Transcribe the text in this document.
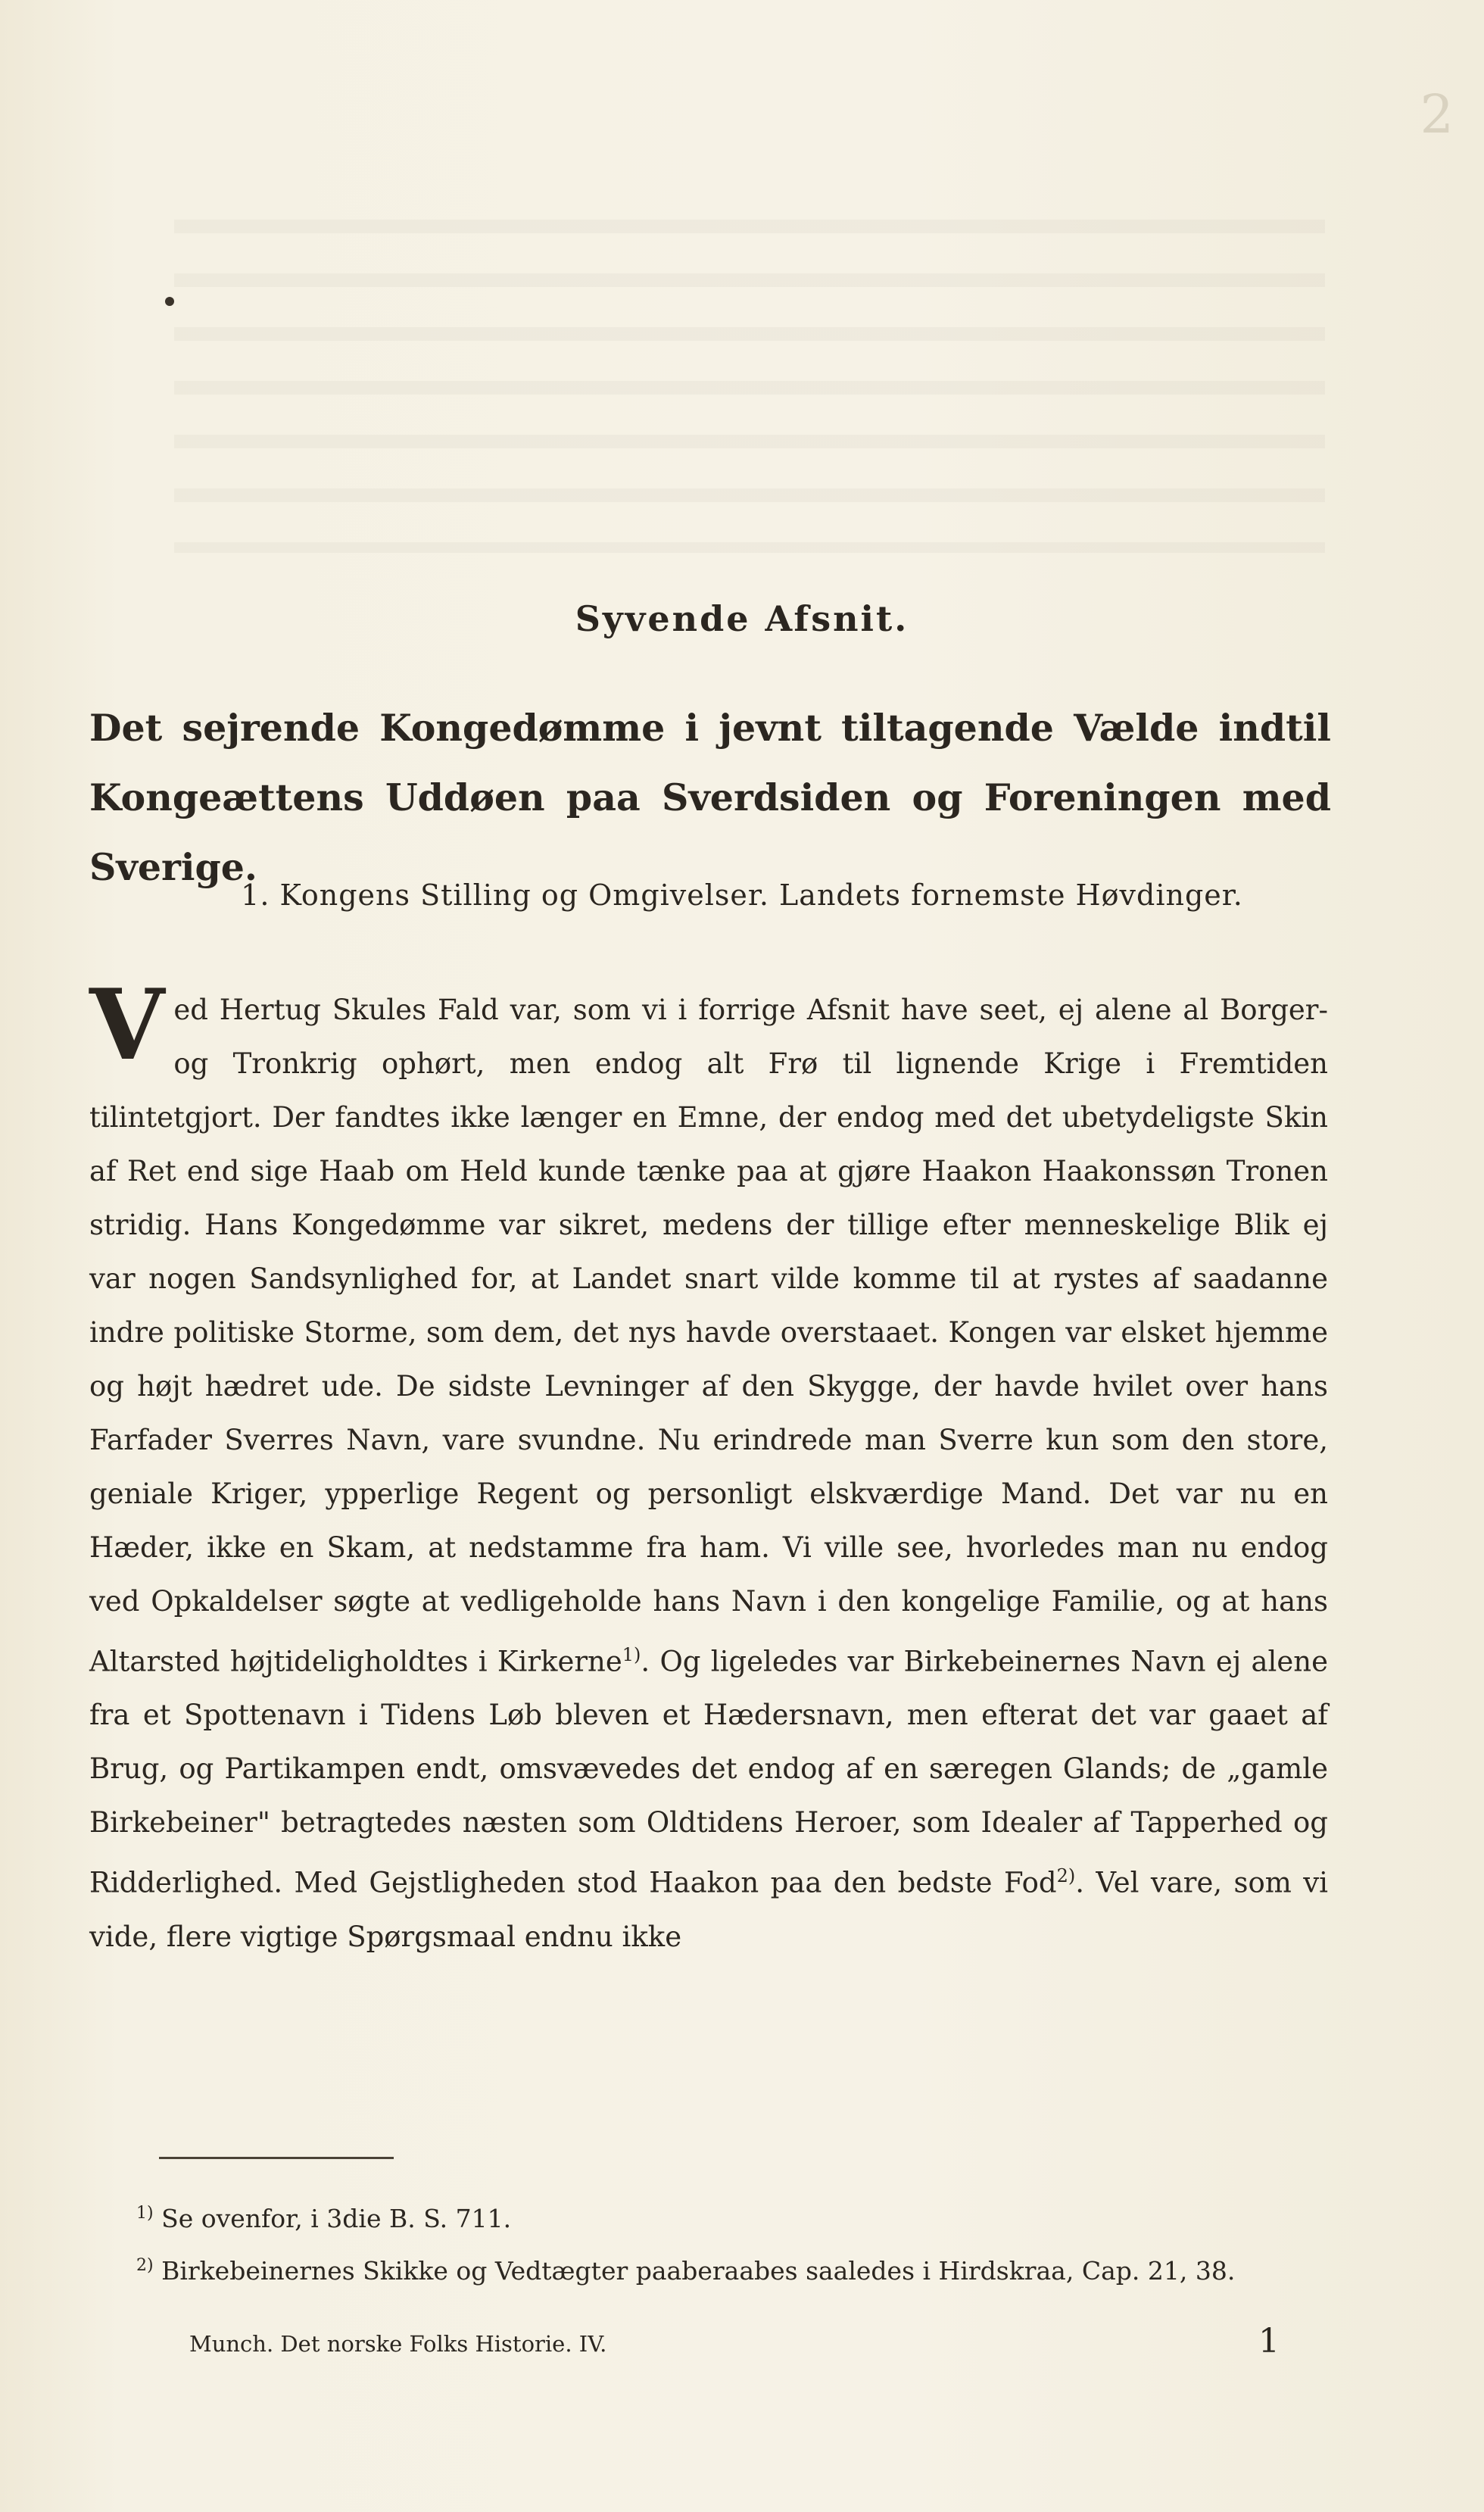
2
Syvende Afsnit.
Det sejrende Kongedømme i jevnt tiltagende Vælde indtil Kongeættens Uddøen paa Sverdsiden og Foreningen med Sverige.
1. Kongens Stilling og Omgivelser. Landets fornemste Høvdinger.

Ved Hertug Skules Fald var, som vi i forrige Afsnit have seet, ej alene al Borger- og Tronkrig ophørt, men endog alt Frø til lignende Krige i Fremtiden tilintetgjort. Der fandtes ikke længer en Emne, der endog med det ubetydeligste Skin af Ret end sige Haab om Held kunde tænke paa at gjøre Haakon Haakonssøn Tronen stridig. Hans Kongedømme var sikret, medens der tillige efter menneskelige Blik ej var nogen Sandsynlighed for, at Landet snart vilde komme til at rystes af saadanne indre politiske Storme, som dem, det nys havde overstaaet. Kongen var elsket hjemme og højt hædret ude. De sidste Levninger af den Skygge, der havde hvilet over hans Farfader Sverres Navn, vare svundne. Nu erindrede man Sverre kun som den store, geniale Kriger, ypperlige Regent og personligt elskværdige Mand. Det var nu en Hæder, ikke en Skam, at nedstamme fra ham. Vi ville see, hvorledes man nu endog ved Opkaldelser søgte at vedligeholde hans Navn i den kongelige Familie, og at hans Altarsted højtideligholdtes i Kirkerne$^{1)}$. Og ligeledes var Birkebeinernes Navn ej alene fra et Spottenavn i Tidens Løb bleven et Hædersnavn, men efterat det var gaaet af Brug, og Partikampen endt, omsvævedes det endog af en særegen Glands; de „gamle Birkebeiner" betragtedes næsten som Oldtidens Heroer, som Idealer af Tapperhed og Ridderlighed. Med Gejstligheden stod Haakon paa den bedste Fod$^{2)}$. Vel vare, som vi vide, flere vigtige Spørgsmaal endnu ikke

$^{1)}$ Se ovenfor, i 3die B. S. 711.

$^{2)}$ Birkebeinernes Skikke og Vedtægter paaberaabes saaledes i Hirdskraa, Cap. 21, 38.

Munch. Det norske Folks Historie. IV.	1
